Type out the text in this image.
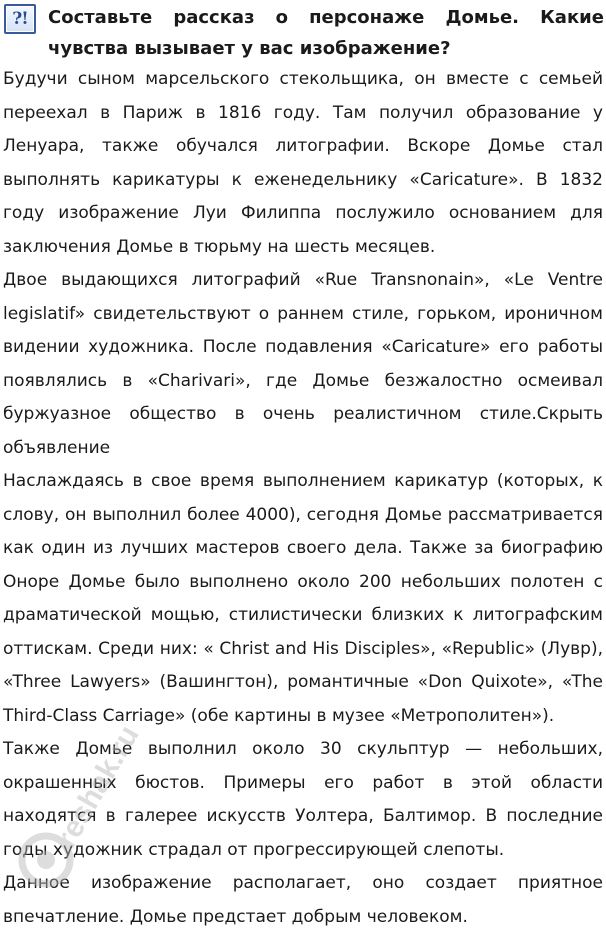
?! Составьте рассказ о персонаже Домье. Какие чувства вызывает у вас изображение?

Будучи сыном марсельского стекольщика, он вместе с семьей переехал в Париж в 1816 году. Там получил образование у Ленуара, также обучался литографии. Вскоре Домье стал выполнять карикатуры к еженедельнику «Caricature». В 1832 году изображение Луи Филиппа послужило основанием для заключения Домье в тюрьму на шесть месяцев.

Двое выдающихся литографий «Rue Transnonain», «Le Ventre legislatif» свидетельствуют о раннем стиле, горьком, ироничном видении художника. После подавления «Caricature» его работы появлялись в «Charivari», где Домье безжалостно осмеивал буржуазное общество в очень реалистичном стиле.Скрыть объявление

Наслаждаясь в свое время выполнением карикатур (которых, к слову, он выполнил более 4000), сегодня Домье рассматривается как один из лучших мастеров своего дела. Также за биографию Оноре Домье было выполнено около 200 небольших полотен с драматической мощью, стилистически близких к литографским оттискам. Среди них: « Christ and His Disciples», «Republic» (Лувр), «Three Lawyers» (Вашингтон), романтичные «Don Quixote», «The Third-Class Carriage» (обе картины в музее «Метрополитен»).

Также Домье выполнил около 30 скульптур — небольших, окрашенных бюстов. Примеры его работ в этой области находятся в галерее искусств Уолтера, Балтимор. В последние годы художник страдал от прогрессирующей слепоты.

Данное изображение располагает, оно создает приятное впечатление. Домье предстает добрым человеком.

reshak.ru
